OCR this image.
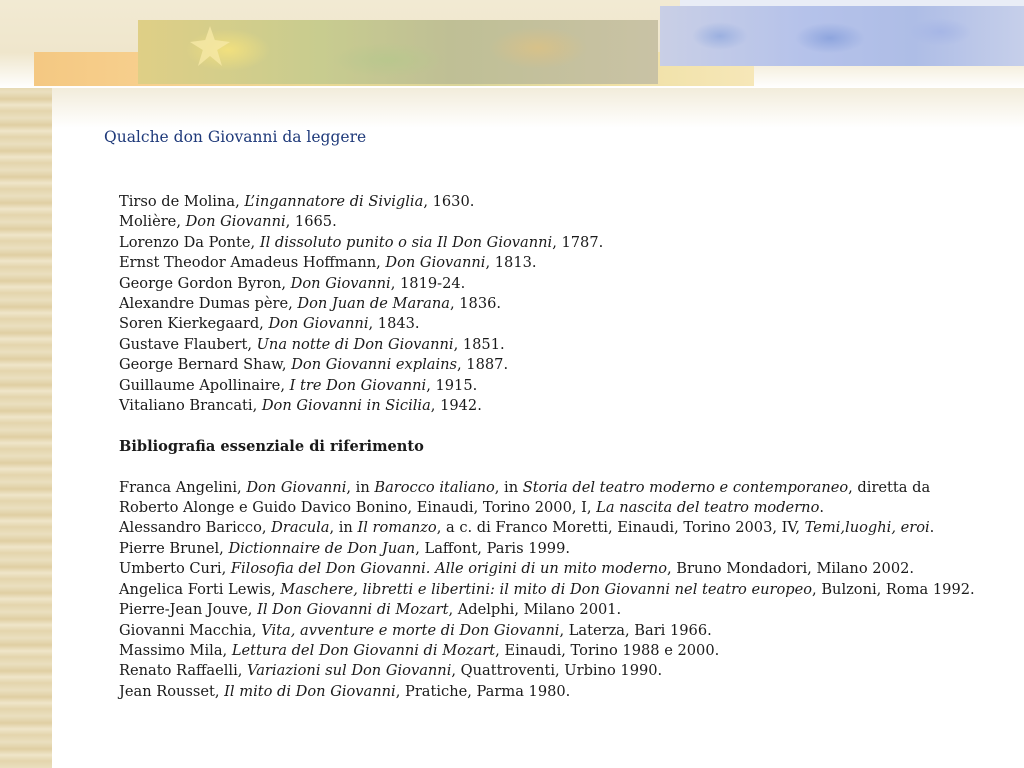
Qualche don Giovanni da leggere
Tirso de Molina, L’ingannatore di Siviglia, 1630.
Molière, Don Giovanni, 1665.
Lorenzo Da Ponte, Il dissoluto punito o sia Il Don Giovanni, 1787.
Ernst Theodor Amadeus Hoffmann, Don Giovanni, 1813.
George Gordon Byron, Don Giovanni, 1819-24.
Alexandre Dumas père, Don Juan de Marana, 1836.
Soren Kierkegaard, Don Giovanni, 1843.
Gustave Flaubert, Una notte di Don Giovanni, 1851.
George Bernard Shaw, Don Giovanni explains, 1887.
Guillaume Apollinaire, I tre Don Giovanni, 1915.
Vitaliano Brancati, Don Giovanni in Sicilia, 1942.
Bibliografia essenziale di riferimento
Franca Angelini, Don Giovanni, in Barocco italiano, in Storia del teatro moderno e contemporaneo, diretta da Roberto Alonge e Guido Davico Bonino, Einaudi, Torino 2000, I, La nascita del teatro moderno.
Alessandro Baricco, Dracula, in Il romanzo, a c. di Franco Moretti, Einaudi, Torino 2003, IV, Temi,luoghi, eroi.
Pierre Brunel, Dictionnaire de Don Juan, Laffont, Paris 1999.
Umberto Curi, Filosofia del Don Giovanni. Alle origini di un mito moderno, Bruno Mondadori, Milano 2002.
Angelica Forti Lewis, Maschere, libretti e libertini: il mito di Don Giovanni nel teatro europeo, Bulzoni, Roma 1992.
Pierre-Jean Jouve, Il Don Giovanni di Mozart, Adelphi, Milano 2001.
Giovanni Macchia, Vita, avventure e morte di Don Giovanni, Laterza, Bari 1966.
Massimo Mila, Lettura del Don Giovanni di Mozart, Einaudi, Torino 1988 e 2000.
Renato Raffaelli, Variazioni sul Don Giovanni, Quattroventi, Urbino 1990.
Jean Rousset, Il mito di Don Giovanni, Pratiche, Parma 1980.
